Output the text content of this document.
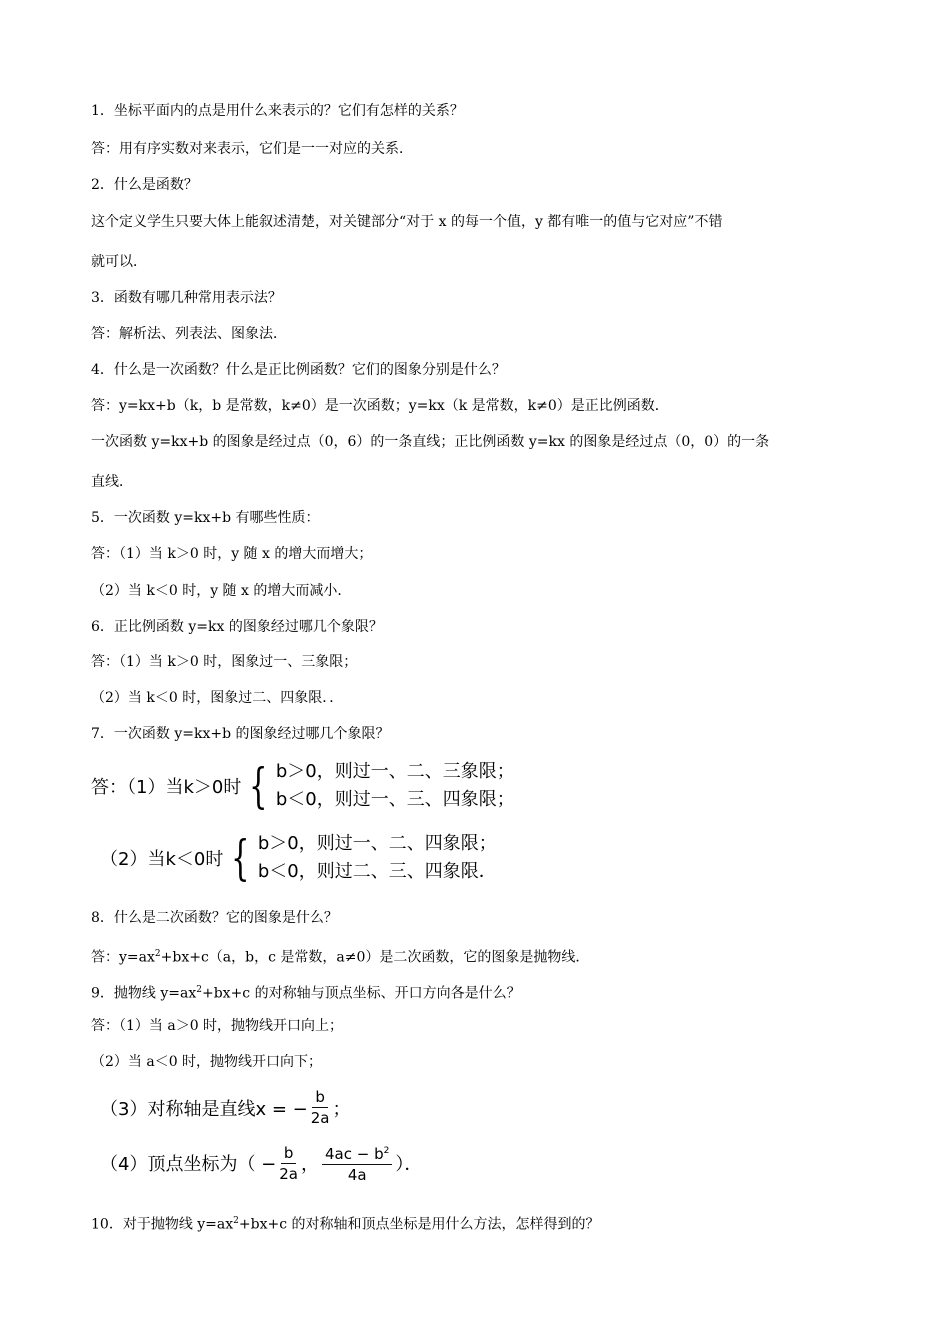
1．坐标平面内的点是用什么来表示的？它们有怎样的关系？
答：用有序实数对来表示，它们是一一对应的关系．
2．什么是函数？
这个定义学生只要大体上能叙述清楚，对关键部分“对于 x 的每一个值，y 都有唯一的值与它对应”不错
就可以．
3．函数有哪几种常用表示法？
答：解析法、列表法、图象法．
4．什么是一次函数？什么是正比例函数？它们的图象分别是什么？
答：y=kx+b（k，b 是常数，k≠0）是一次函数；y=kx（k 是常数，k≠0）是正比例函数．
一次函数 y=kx+b 的图象是经过点（0，6）的一条直线；正比例函数 y=kx 的图象是经过点（0，0）的一条
直线．
5．一次函数 y=kx+b 有哪些性质：
答：（1）当 k＞0 时，y 随 x 的增大而增大；
（2）当 k＜0 时，y 随 x 的增大而减小．
6．正比例函数 y=kx 的图象经过哪几个象限？
答：（1）当 k＞0 时，图象过一、三象限；
（2）当 k＜0 时，图象过二、四象限．．
7．一次函数 y=kx+b 的图象经过哪几个象限？
答：（1）当k＞0时 { b＞0，则过一、二、三象限；
b＜0，则过一、三、四象限；
（2）当k＜0时 { b＞0，则过一、二、四象限；
b＜0，则过二、三、四象限．
8．什么是二次函数？它的图象是什么？
答：$y=ax^2+bx+c(a$，b，c 是常数，a≠0）是二次函数，它的图象是抛物线．
9．抛物线 $y=ax^2+bx+c$ 的对称轴与顶点坐标、开口方向各是什么？
答：（1）当 a＞0 时，抛物线开口向上；
（2）当 a＜0 时，抛物线开口向下；
（3）对称轴是直线x = − $\frac{b}{2a}$ ；
（4）顶点坐标为（ − $\frac{b}{2a}$ ， $\frac{4ac - b^2}{4a}$ ）．
10．对于抛物线 $y=ax^2+bx+c$ 的对称轴和顶点坐标是用什么方法，怎样得到的？
